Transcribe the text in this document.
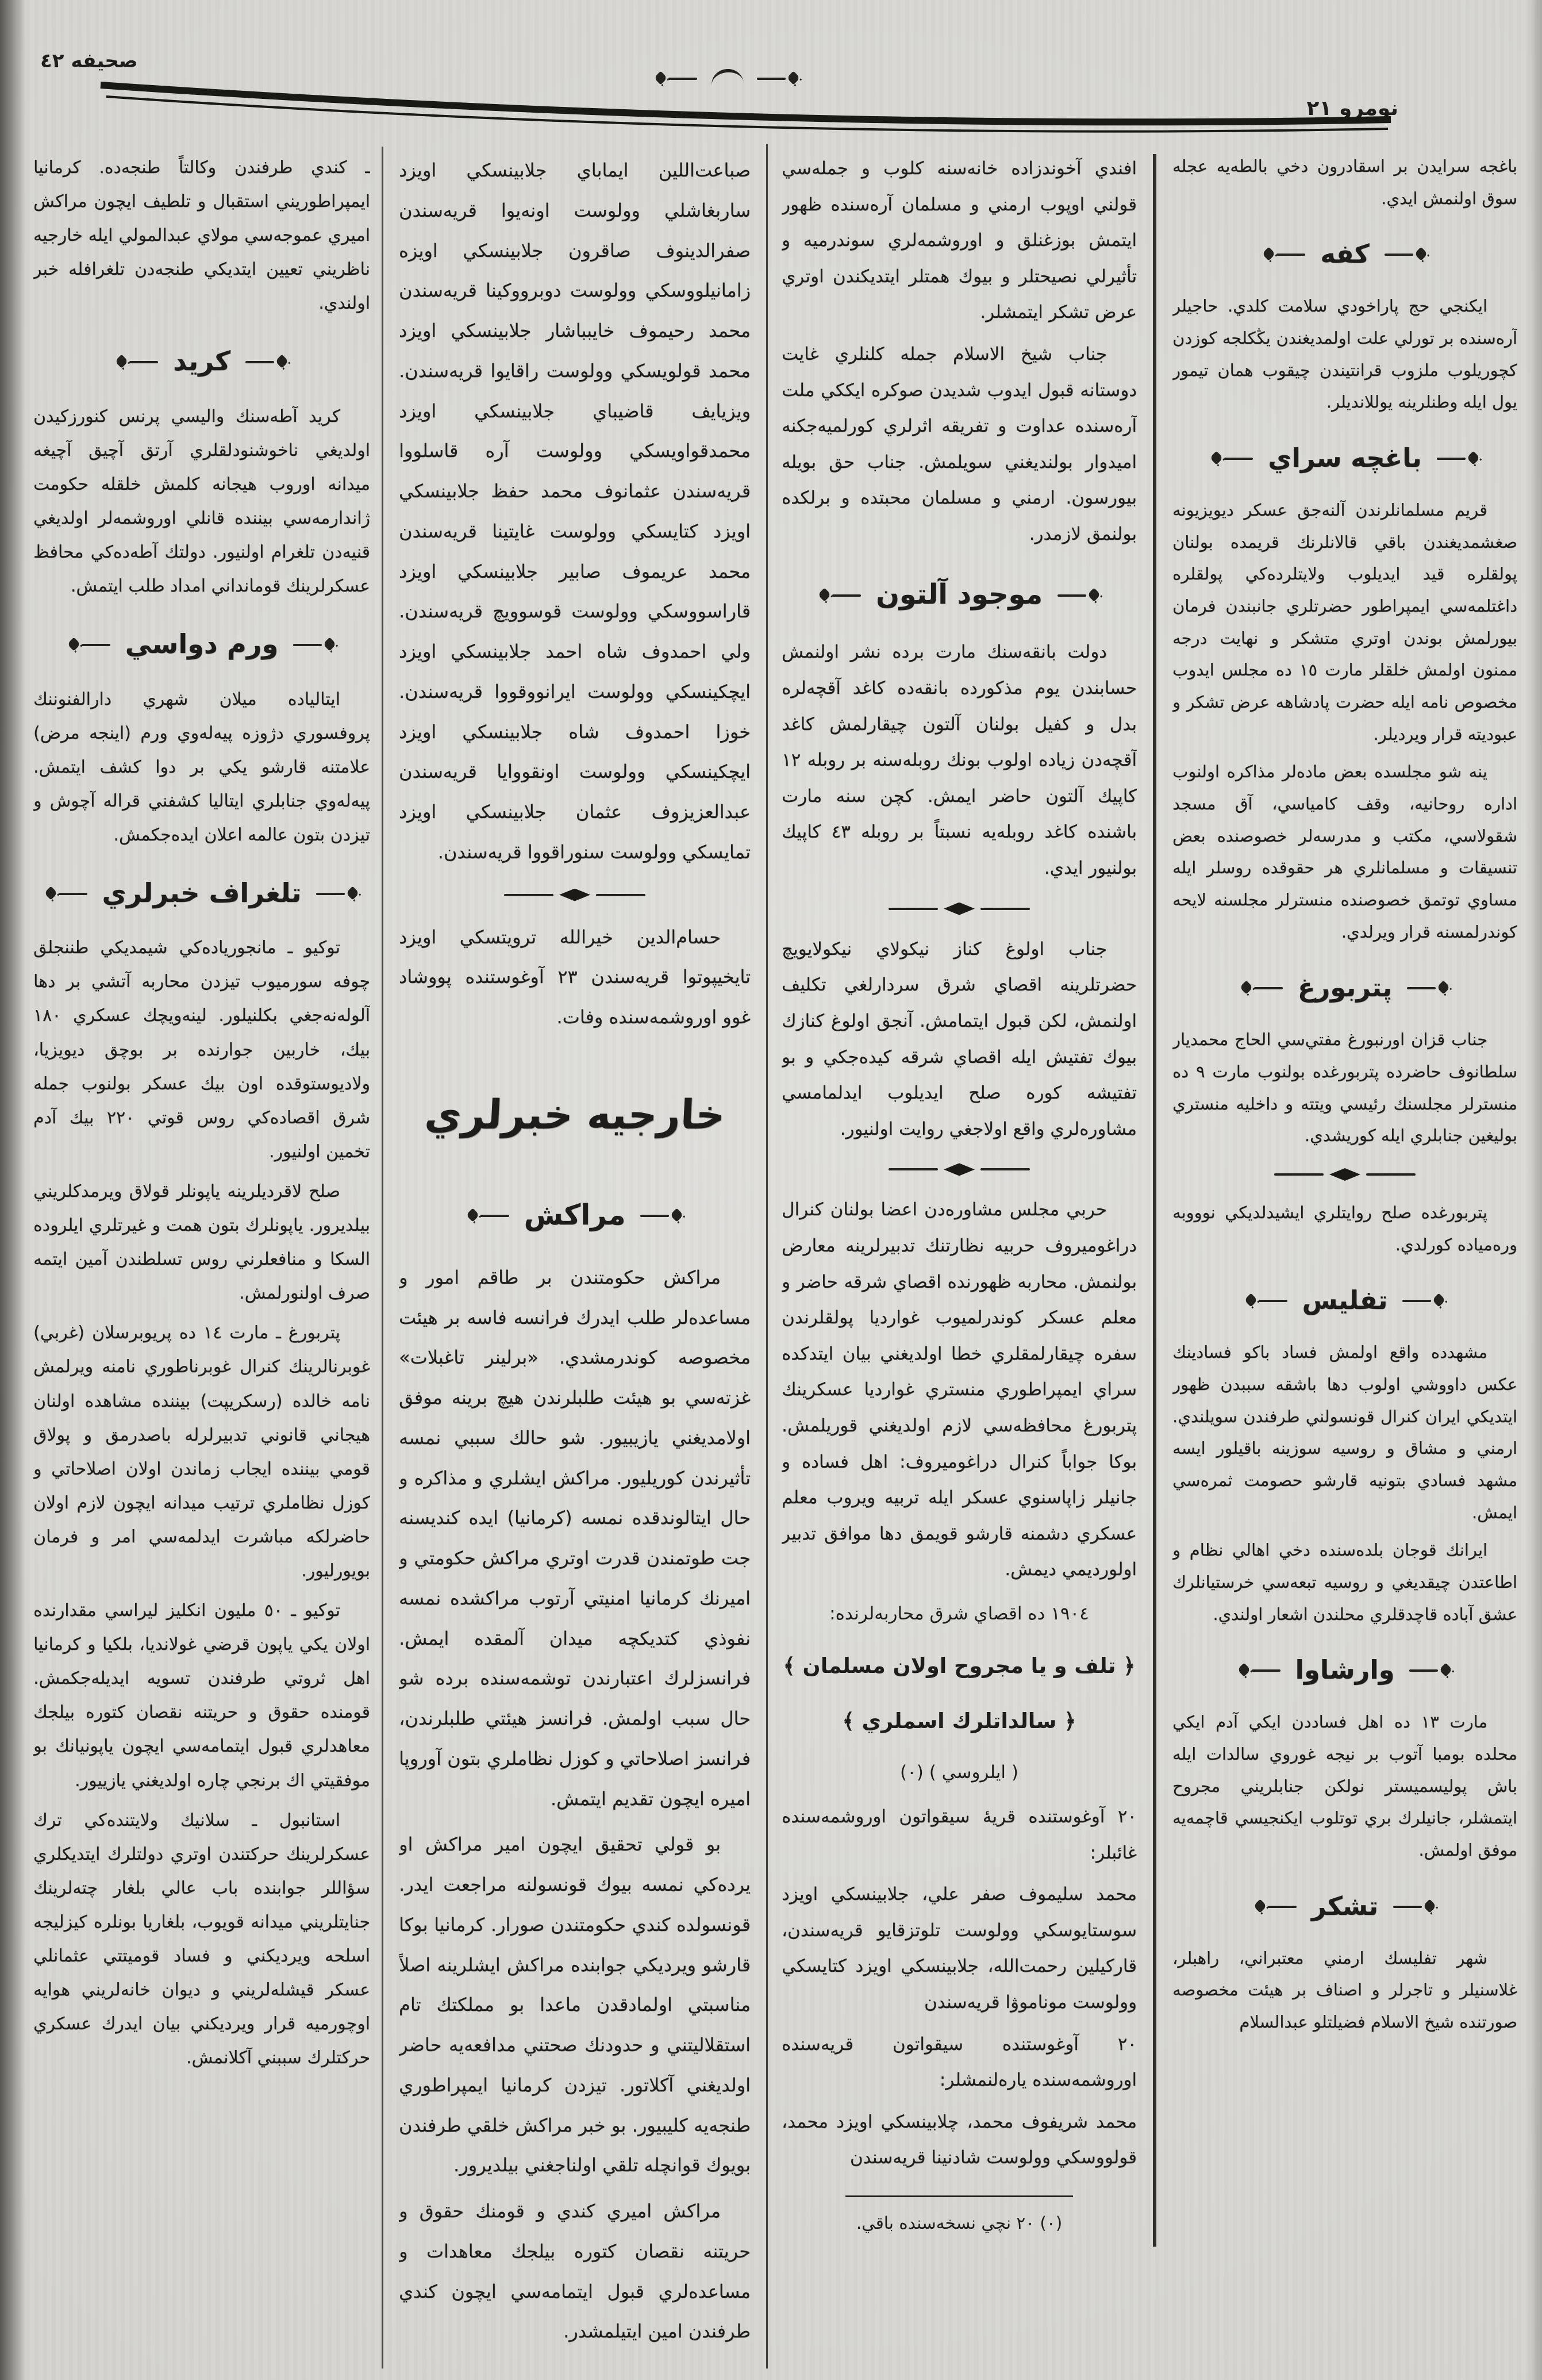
صحيفه ٤٢
نومرو ٢١

باغجه سرايدن بر اسقادرون دخي بالطه‌يه عجله سوق اولنمش ايدي.

كفه

ايكنجي حج پاراخودي سلامت كلدي. حاجيلر آره‌سنده بر تورلي علت اولمديغندن يڭكلجه كوزدن كچوريلوب ملزوب قرانتيندن چيقوب همان تيمور يول ايله وطنلرينه يوللانديلر.

باغچه سراي

قريم مسلمانلرندن آلنه‌جق عسكر ديويزيونه صغشمديغندن باقي قالانلرنك قريمده بولنان پولقلره قيد ايديلوب ولايتلرده‌كي پولقلره داغتلمه‌سي ايمپراطور حضرتلري جانبندن فرمان بيورلمش بوندن اوتري متشكر و نهايت درجه ممنون اولمش خلقلر مارت ١٥ ده مجلس ايدوب مخصوص نامه ايله حضرت پادشاهه عرض تشكر و عبوديته قرار ويرديلر.

ينه شو مجلسده بعض ماده‌لر مذاكره اولنوب اداره روحانيه، وقف كامياسي، آق مسجد شقولاسي، مكتب و مدرسه‌لر خصوصنده بعض تنسيقات و مسلمانلري هر حقوقده روسلر ايله مساوي توتمق خصوصنده منسترلر مجلسنه لايحه كوندرلمسنه قرار ويرلدي.

پتربورغ

جناب قزان اورنبورغ مفتي‌سي الحاج محمديار سلطانوف حاضرده پتربورغده بولنوب مارت ٩ ده منسترلر مجلسنك رئيسي ويتته و داخليه منستري بوليغين جنابلري ايله كوريشدي.

پتربورغده صلح روايتلري ايشيدلديكي نوووبه وره‌مياده كورلدي.

تفليس

مشهدده واقع اولمش فساد باكو فسادينك عكس داووشي اولوب دها باشقه سببدن ظهور ايتديكي ايران كنرال قونسولني طرفندن سويلندي. ارمني و مشاق و روسيه سوزينه باقيلور ايسه مشهد فسادي بتونيه قارشو حصومت ثمره‌سي ايمش.

ايرانك قوجان بلده‌سنده دخي اهالي نظام و اطاعتدن چيقديغي و روسيه تبعه‌سي خرستيانلرك عشق آباده قاچدقلري محلندن اشعار اولندي.

وارشاوا

مارت ١٣ ده اهل فساددن ايكي آدم ايكي محلده بومبا آتوب بر نيجه غوروي سالدات ايله باش پوليسميستر نولكن جنابلريني مجروح ايتمشلر، جانيلرك بري توتلوب ايكنجيسي قاچمه‌يه موفق اولمش.

تشكر

شهر تفليسك ارمني معتبراني، راهبلر، غلاسنيلر و تاجرلر و اصناف بر هيئت مخصوصه صورتنده شيخ الاسلام فضيلتلو عبدالسلام

افندي آخوندزاده خانه‌سنه كلوب و جمله‌سي قولني اوپوب ارمني و مسلمان آره‌سنده ظهور ايتمش بوزغنلق و اوروشمه‌لري سوندرميه و تأثيرلي نصيحتلر و بيوك همتلر ايتديكندن اوتري عرض تشكر ايتمشلر.

جناب شيخ الاسلام جمله كلنلري غايت دوستانه قبول ايدوب شديدن صوكره ايككي ملت آره‌سنده عداوت و تفريقه اثرلري كورلميه‌جكنه اميدوار بولنديغني سويلمش. جناب حق بويله بيورسون. ارمني و مسلمان محبتده و برلكده بولنمق لازمدر.

موجود آلتون

دولت بانقه‌سنك مارت برده نشر اولنمش حسابندن يوم مذكورده بانقه‌ده كاغد آقچه‌لره بدل و كفيل بولنان آلتون چيقارلمش كاغد آقچه‌دن زياده اولوب بونك روبله‌سنه بر روبله ١٢ كاپيك آلتون حاضر ايمش. كچن سنه مارت باشنده كاغد روبله‌يه نسبتاً بر روبله ٤٣ كاپيك بولنيور ايدي.

جناب اولوغ كناز نيكولاي نيكولايويچ حضرتلرينه اقصاي شرق سردارلغي تكليف اولنمش، لكن قبول ايتمامش. آنجق اولوغ كنازك بيوك تفتيش ايله اقصاي شرقه كيده‌جكي و بو تفتيشه كوره صلح ايديلوب ايدلمامسي مشاوره‌لري واقع اولاجغي روايت اولنيور.

حربي مجلس مشاوره‌دن اعضا بولنان كنرال دراغوميروف حربيه نظارتنك تدبيرلرينه معارض بولنمش. محاربه ظهورنده اقصاي شرقه حاضر و معلم عسكر كوندرلميوب غوارديا پولقلرندن سفره چيقارلمقلري خطا اولديغني بيان ايتدكده سراي ايمپراطوري منستري غوارديا عسكرينك پتربورغ محافظه‌سي لازم اولديغني قوريلمش. بوكا جواباً كنرال دراغوميروف: اهل فساده و جانيلر زاپاسنوي عسكر ايله تربيه ويروب معلم عسكري دشمنه قارشو قويمق دها موافق تدبير اولورديمي ديمش.

١٩٠٤ ده اقصاي شرق محاربه‌لرنده:

﴿ تلف و يا مجروح اولان مسلمان ﴾

﴿ سالداتلرك اسملري ﴾

( ايلروسي ) (٠)

٢٠ آوغوستنده قريهٔ سيقواتون اوروشمه‌سنده غائبلر:

محمد سليموف صفر علي، جلابينسكي اويزد سوستايوسكي وولوست تلوتزقايو قريه‌سندن، قاركيلين رحمت‌الله، جلابينسكي اويزد كتايسكي وولوست موناموۋا قريه‌سندن

٢٠ آوغوستنده سيقواتون قريه‌سنده اوروشمه‌سنده ياره‌لنمشلر:

محمد شريفوف محمد، چلابينسكي اويزد محمد، قولووسكي وولوست شادنينا قريه‌سندن

(٠) ٢٠ نچي نسخه‌سنده باقي.

صباعت‌اللين ايماباي جلابينسكي اويزد ساربغاشلي وولوست اونه‌يوا قريه‌سندن صفرالدينوف صاقرون جلابينسكي اويزه زامانيلووسكي وولوست دوبرووكينا قريه‌سندن محمد رحيموف خايبباشار جلابينسكي اويزد محمد قولويسكي وولوست راقايوا قريه‌سندن. ويزيايف قاضيباي جلابينسكي اويزد محمدقواويسكي وولوست آره قاسلووا قريه‌سندن عثمانوف محمد حفظ جلابينسكي اويزد كتايسكي وولوست غايتينا قريه‌سندن محمد عريموف صابير جلابينسكي اويزد قاراسووسكي وولوست قوسوويچ قريه‌سندن. ولي احمدوف شاه احمد جلابينسكي اويزد ايچكينسكي وولوست ايرانووقووا قريه‌سندن. خوزا احمدوف شاه جلابينسكي اويزد ايچكينسكي وولوست اونقووايا قريه‌سندن عبدالعزيزوف عثمان جلابينسكي اويزد تمايسكي وولوست سنوراقووا قريه‌سندن.

حسام‌الدين خيرالله ترويتسكي اويزد تايخيپوتوا قريه‌سندن ٢٣ آوغوستنده پووشاد غوو اوروشمه‌سنده وفات.

خارجيه خبرلري
مراكش

مراكش حكومتندن بر طاقم امور و مساعده‌لر طلب ايدرك فرانسه فاسه بر هيئت مخصوصه كوندرمشدي. «برلينر تاغبلات» غزته‌سي بو هيئت طلبلرندن هيچ برينه موفق اولامديغني يازيبيور. شو حالك سببي نمسه تأثيرندن كوريليور. مراكش ايشلري و مذاكره و حال ايتالوندقده نمسه (كرمانيا) ايده كنديسنه جت طوتمندن قدرت اوتري مراكش حكومتي و اميرنك كرمانيا امنيتي آرتوب مراكشده نمسه نفوذي كتديكچه ميدان آلمقده ايمش. فرانسزلرك اعتبارندن توشمه‌سنده برده شو حال سبب اولمش. فرانسز هيئتي طلبلرندن، فرانسز اصلاحاتي و كوزل نظاملري بتون آوروپا اميره ايچون تقديم ايتمش.

بو قولي تحقيق ايچون امير مراكش او يرده‌كي نمسه بيوك قونسولنه مراجعت ايدر. قونسولده كندي حكومتندن صورار. كرمانيا بوكا قارشو ويرديكي جوابنده مراكش ايشلرينه اصلاً مناسبتي اولمادقدن ماعدا بو مملكتك تام استقلاليتني و حدودنك صحتني مدافعه‌يه حاضر اولديغني آكلاتور. تيزدن كرمانيا ايمپراطوري طنجه‌يه كليبيور. بو خبر مراكش خلقي طرفندن بويوك قوانچله تلقي اولناجغني بيلديرور.

مراكش اميري كندي و قومنك حقوق و حريتنه نقصان كتوره بيلجك معاهدات و مساعده‌لري قبول ايتمامه‌سي ايچون كندي طرفندن امين ايتيلمشدر.

ـ كندي طرفندن وكالتاً طنجه‌ده. كرمانيا ايمپراطوريني استقبال و تلطيف ايچون مراكش اميري عموجه‌سي مولاي عبدالمولي ايله خارجيه ناظريني تعيين ايتديكي طنجه‌دن تلغرافله خبر اولندي.

كريد

كريد آطه‌سنك واليسي پرنس كنورزكيدن اولديغي ناخوشنودلقلري آرتق آچيق آچيغه ميدانه اوروب هيجانه كلمش خلقله حكومت ژاندارمه‌سي بيننده قانلي اوروشمه‌لر اولديغي قنيه‌دن تلغرام اولنيور. دولتك آطه‌ده‌كي محافظ عسكرلرينك قومانداني امداد طلب ايتمش.

ورم دواسي

ايتالياده ميلان شهري دارالفنوننك پروفسوري دژوزه پيه‌له‌وي ورم (اينجه مرض) علامتنه قارشو يكي بر دوا كشف ايتمش. پيه‌له‌وي جنابلري ايتاليا كشفني قراله آچوش و تيزدن بتون عالمه اعلان ايده‌جكمش.

تلغراف خبرلري

توكيو ـ مانجورياده‌كي شيمديكي طننجلق چوفه سورميوب تيزدن محاربه آتشي بر دها آلوله‌نه‌جغي بكلنيلور. لينه‌ويچك عسكري ١٨٠ بيك، خاربين جوارنده بر بوچق ديويزيا، ولاديوستوقده اون بيك عسكر بولنوب جمله شرق اقصاده‌كي روس قوتي ٢٢٠ بيك آدم تخمين اولنيور.

صلح لاقرديلرينه ياپونلر قولاق ويرمدكلريني بيلديرور. ياپونلرك بتون همت و غيرتلري ايلروده السكا و منافعلرني روس تسلطندن آمين ايتمه صرف اولنورلمش.

پتربورغ ـ مارت ١٤ ده پريوبرسلان (غربي) غوبرنالرينك كنرال غوبرناطوري نامنه ويرلمش نامه خالده (رسكريپت) بيننده مشاهده اولنان هيجاني قانوني تدبيرلرله باصدرمق و پولاق قومي بيننده ايجاب زماندن اولان اصلاحاتي و كوزل نظاملري ترتيب ميدانه ايچون لازم اولان حاضرلكه مباشرت ايدلمه‌سي امر و فرمان بويورليور.

توكيو ـ ٥٠ مليون انكليز ليراسي مقدارنده اولان يكي ياپون قرضي غولانديا، بلكيا و كرمانيا اهل ثروتي طرفندن تسويه ايديله‌جكمش. قومنده حقوق و حريتنه نقصان كتوره بيلجك معاهدلري قبول ايتمامه‌سي ايچون ياپونيانك بو موفقيتي اك برنجي چاره اولديغني يازييور.

استانبول ـ سلانيك ولايتنده‌كي ترك عسكرلرينك حركتندن اوتري دولتلرك ايتديكلري سؤاللر جوابنده باب عالي بلغار چته‌لرينك جنايتلريني ميدانه قويوب، بلغاريا بونلره كيزليجه اسلحه ويرديكني و فساد قوميتتي عثمانلي عسكر قيشله‌لريني و ديوان خانه‌لريني هوايه اوچورميه قرار ويرديكني بيان ايدرك عسكري حركتلرك سببني آكلانمش.
